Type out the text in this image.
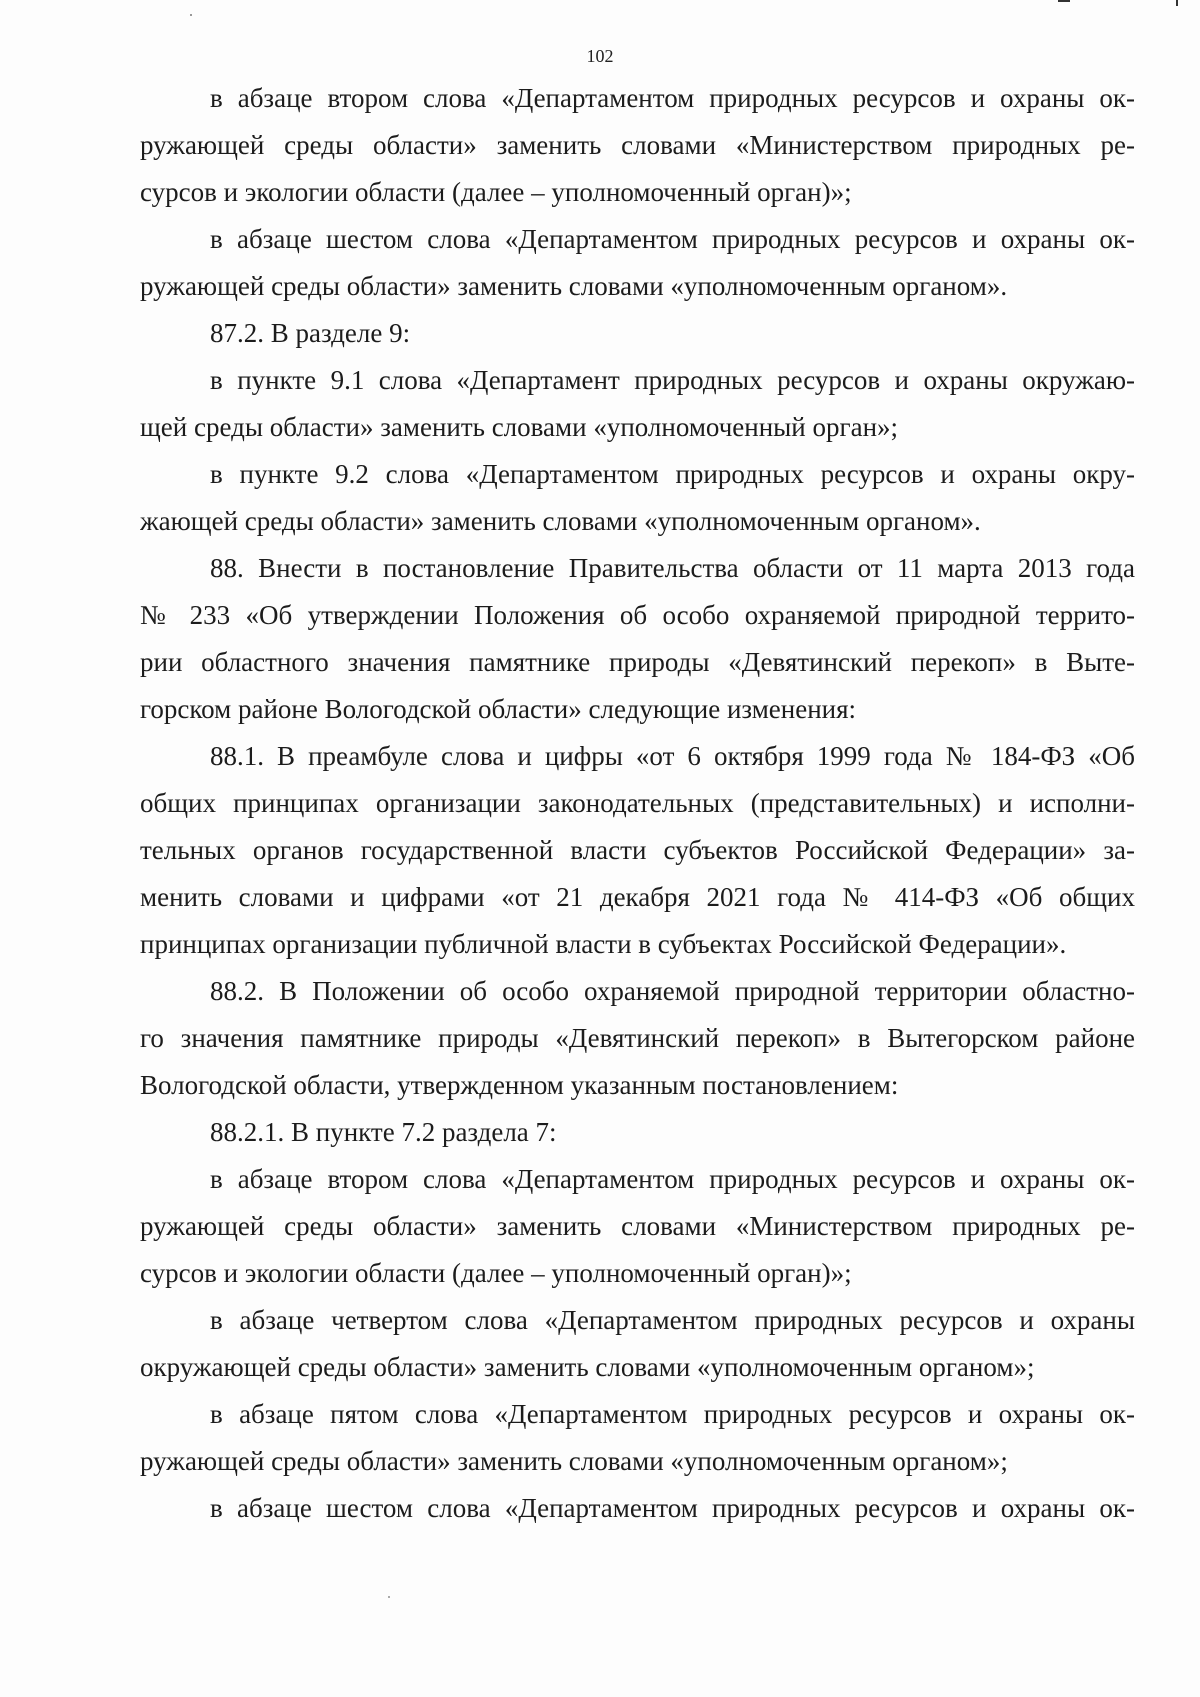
102
в абзаце втором слова «Департаментом природных ресурсов и охраны ок-
ружающей среды области» заменить словами «Министерством природных ре-
сурсов и экологии области (далее – уполномоченный орган)»;
в абзаце шестом слова «Департаментом природных ресурсов и охраны ок-
ружающей среды области» заменить словами «уполномоченным органом».
87.2. В разделе 9:
в пункте 9.1 слова «Департамент природных ресурсов и охраны окружаю-
щей среды области» заменить словами «уполномоченный орган»;
в пункте 9.2 слова «Департаментом природных ресурсов и охраны окру-
жающей среды области» заменить словами «уполномоченным органом».
88. Внести в постановление Правительства области от 11 марта 2013 года
№ 233 «Об утверждении Положения об особо охраняемой природной террито-
рии областного значения памятнике природы «Девятинский перекоп» в Выте-
горском районе Вологодской области» следующие изменения:
88.1. В преамбуле слова и цифры «от 6 октября 1999 года № 184-ФЗ «Об
общих принципах организации законодательных (представительных) и исполни-
тельных органов государственной власти субъектов Российской Федерации» за-
менить словами и цифрами «от 21 декабря 2021 года № 414-ФЗ «Об общих
принципах организации публичной власти в субъектах Российской Федерации».
88.2. В Положении об особо охраняемой природной территории областно-
го значения памятнике природы «Девятинский перекоп» в Вытегорском районе
Вологодской области, утвержденном указанным постановлением:
88.2.1. В пункте 7.2 раздела 7:
в абзаце втором слова «Департаментом природных ресурсов и охраны ок-
ружающей среды области» заменить словами «Министерством природных ре-
сурсов и экологии области (далее – уполномоченный орган)»;
в абзаце четвертом слова «Департаментом природных ресурсов и охраны
окружающей среды области» заменить словами «уполномоченным органом»;
в абзаце пятом слова «Департаментом природных ресурсов и охраны ок-
ружающей среды области» заменить словами «уполномоченным органом»;
в абзаце шестом слова «Департаментом природных ресурсов и охраны ок-
